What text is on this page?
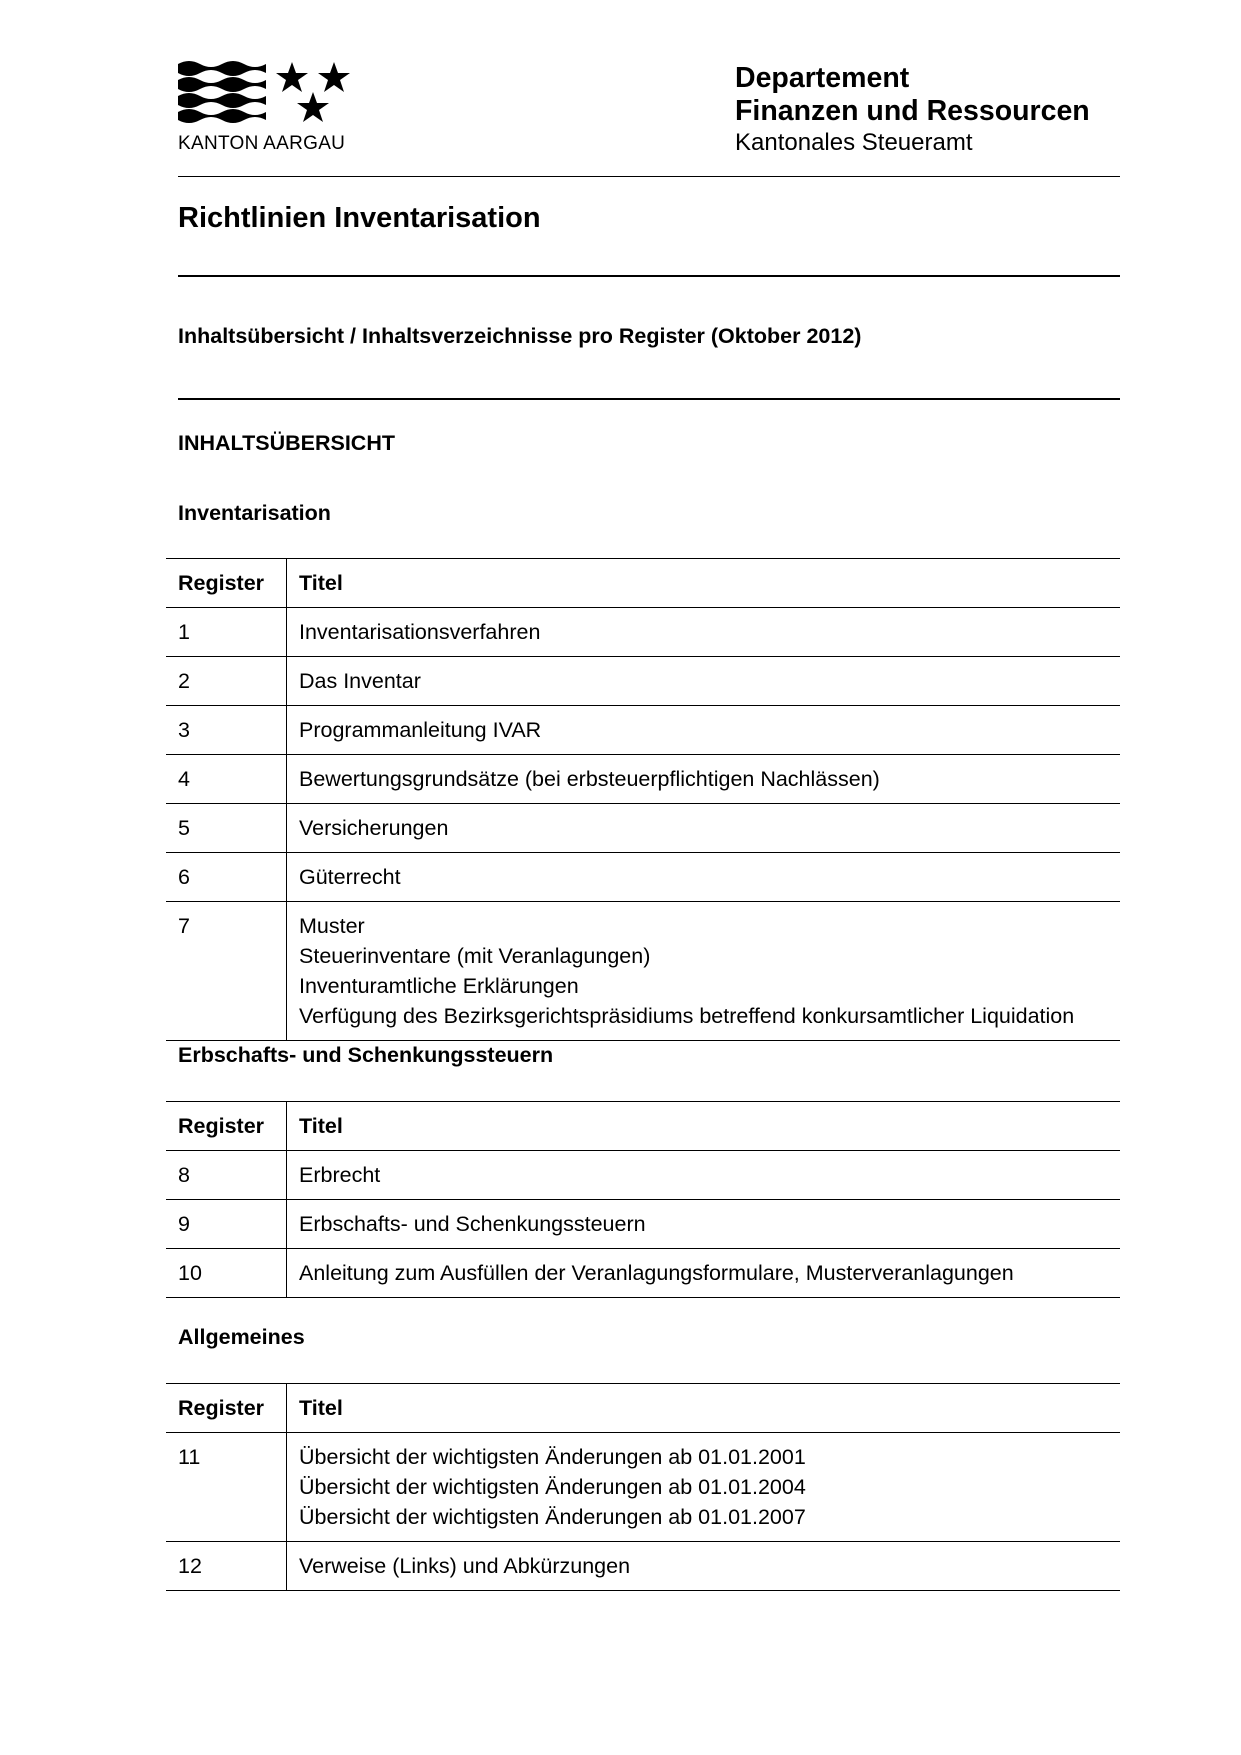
KANTON AARGAU
Departement
Finanzen und Ressourcen
Kantonales Steueramt
Richtlinien Inventarisation
Inhaltsübersicht / Inhaltsverzeichnisse pro Register (Oktober 2012)
INHALTSÜBERSICHT
Inventarisation
Register	Titel
1	Inventarisationsverfahren

2	Das Inventar

3	Programmanleitung IVAR

4	Bewertungsgrundsätze (bei erbsteuerpflichtigen Nachlässen)

5	Versicherungen

6	Güterrecht

7	Muster
Steuerinventare (mit Veranlagungen)
Inventuramtliche Erklärungen
Verfügung des Bezirksgerichtspräsidiums betreffend konkursamtlicher Liquidation
Erbschafts- und Schenkungssteuern
Register	Titel
8	Erbrecht

9	Erbschafts- und Schenkungssteuern

10	Anleitung zum Ausfüllen der Veranlagungsformulare, Musterveranlagungen
Allgemeines
Register	Titel
11	Übersicht der wichtigsten Änderungen ab 01.01.2001
Übersicht der wichtigsten Änderungen ab 01.01.2004
Übersicht der wichtigsten Änderungen ab 01.01.2007

12	Verweise (Links) und Abkürzungen
